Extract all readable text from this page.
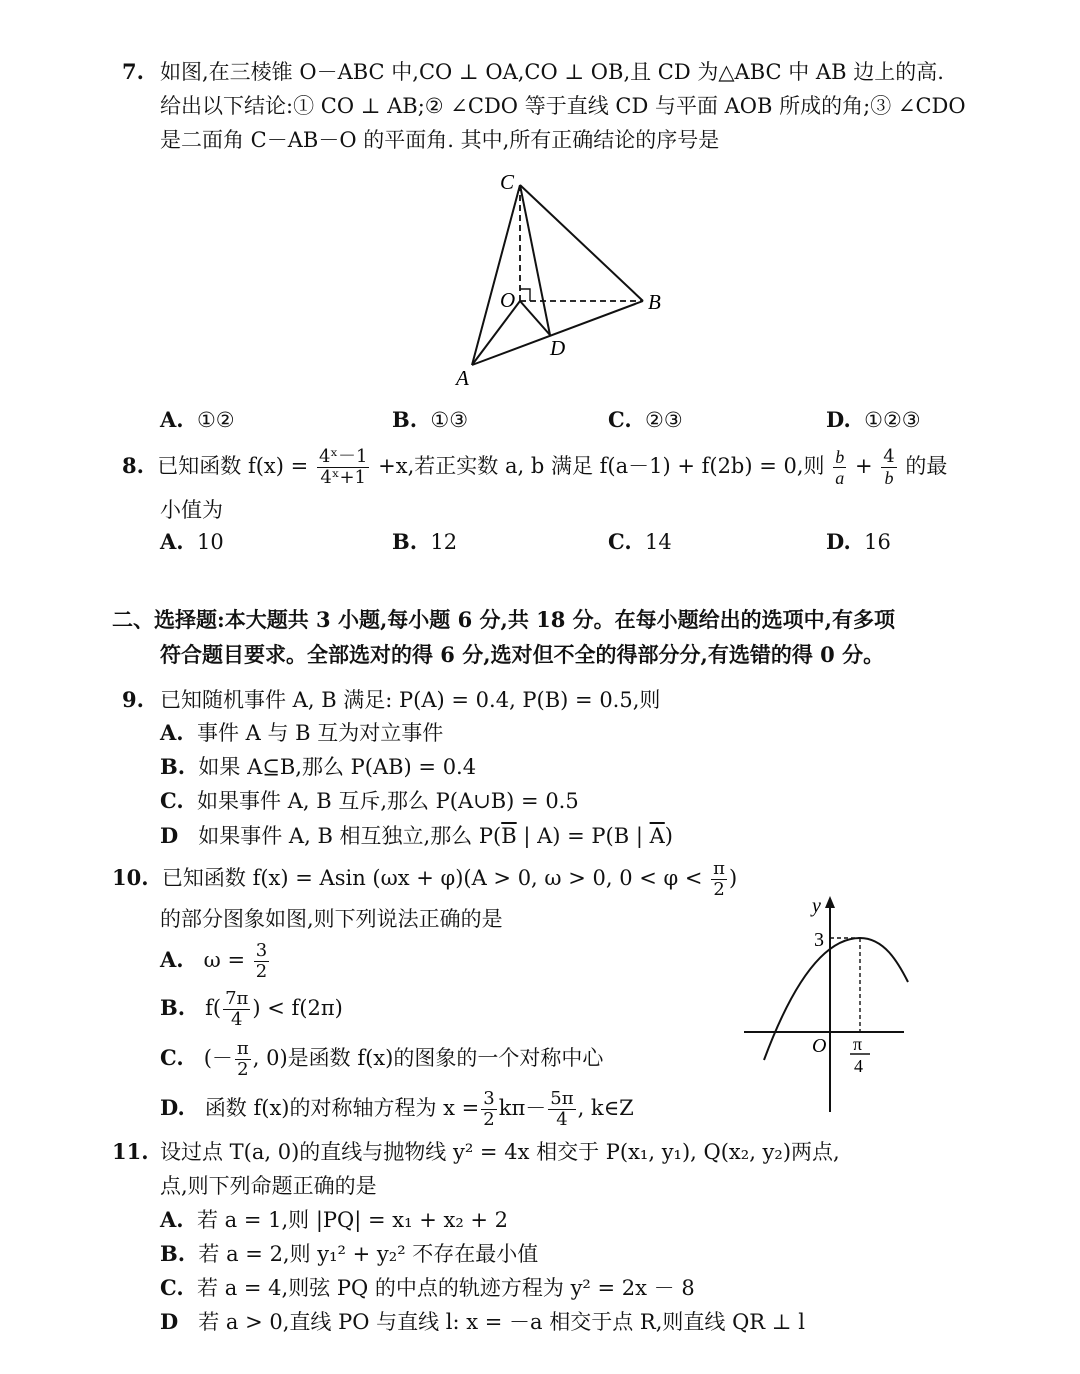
7. 如图,在三棱锥 O－ABC 中,CO ⊥ OA,CO ⊥ OB,且 CD 为△ABC 中 AB 边上的高.
给出以下结论:① CO ⊥ AB;② ∠CDO 等于直线 CD 与平面 AOB 所成的角;③ ∠CDO
是二面角 C－AB－O 的平面角. 其中,所有正确结论的序号是
C
O	B
D
A
A. ①②	B. ①③	C. ②③	D. ①②③
8. 已知函数 $f(x) = \frac{\text{4ˣ－1}}{\text{4ˣ+1}} +x$,若正实数 a, b 满足 f(a－1) + f(2b) = 0,则 $\frac{b}{a} + \frac{4}{b}$ 的最
小值为
A. 10	B. 12	C. 14	D. 16
二、选择题:本大题共 3 小题,每小题 6 分,共 18 分。在每小题给出的选项中,有多项
符合题目要求。全部选对的得 6 分,选对但不全的得部分分,有选错的得 0 分。
9. 已知随机事件 A, B 满足: P(A) = 0.4, P(B) = 0.5,则
A. 事件 A 与 B 互为对立事件
B. 如果 A⊆B,那么 P(AB) = 0.4
C. 如果事件 A, B 互斥,那么 P(A∪B) = 0.5
D 如果事件 A, B 相互独立,那么 $P(\overline{B}$ | A) = P(B | $\overline{A}$)
10. 已知函数 f(x) = Asin (ωx + φ)(A > 0, ω > 0, $0 < \varphi < \frac{\pi}{2}$ )
的部分图象如图,则下列说法正确的是
A. $\omega = \frac{3}{2}$
B. $f( \frac{7\pi}{4}$ ) < f(2π)
C. (－ $\frac{\pi}{2}$ , 0)是函数 f(x)的图象的一个对称中心
D. 函数 f(x)的对称轴方程为 $x = \frac{3}{2} k\pi- \frac{5\pi}{4}$ , k∈Z
y
3
O π
4
11. 设过点 T(a, 0)的直线与抛物线 y² = 4x 相交于 P(x₁, y₁), Q(x₂, y₂)两点,
点,则下列命题正确的是
A. 若 a = 1,则 |PQ| = x₁ + x₂ + 2
B. 若 a = 2,则 y₁² + y₂² 不存在最小值
C. 若 a = 4,则弦 PQ 的中点的轨迹方程为 y² = 2x － 8
D 若 a > 0,直线 PO 与直线 l: x = －a 相交于点 R,则直线 QR ⊥ l
